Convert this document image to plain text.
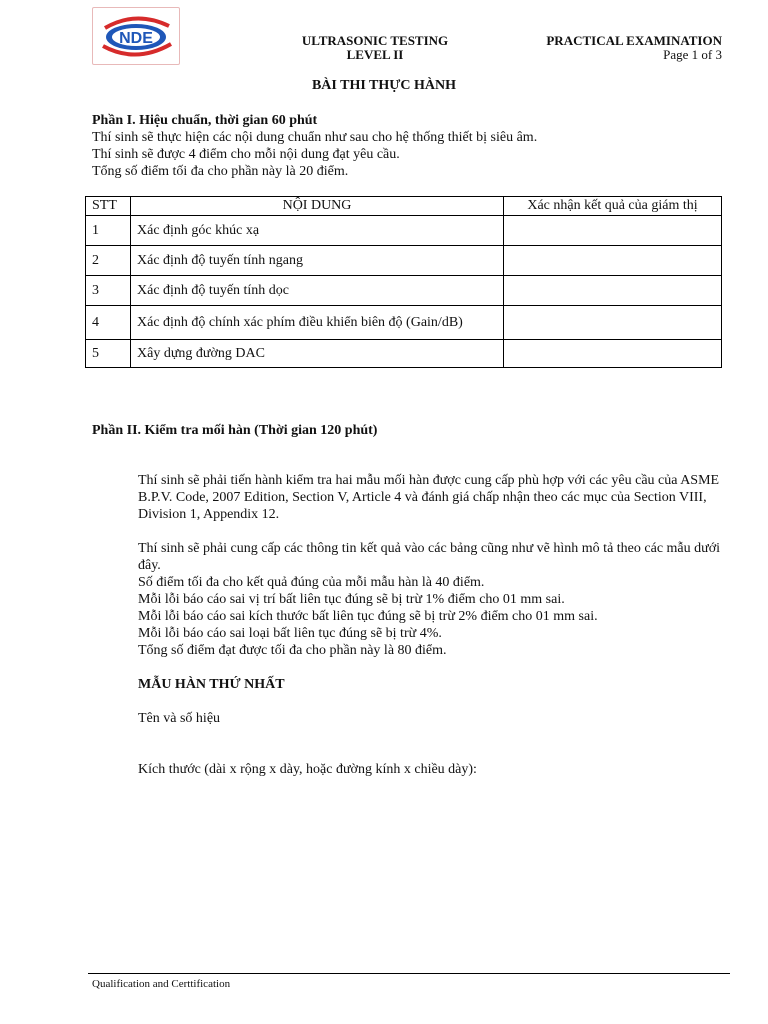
NDE	ULTRASONIC TESTING
LEVEL II
PRACTICAL EXAMINATION
Page 1 of 3
BÀI THI THỰC HÀNH
Phần I. Hiệu chuẩn, thời gian 60 phút
Thí sinh sẽ thực hiện các nội dung chuẩn như sau cho hệ thống thiết bị siêu âm.
Thí sinh sẽ được 4 điểm cho mỗi nội dung đạt yêu cầu.
Tổng số điểm tối đa cho phần này là 20 điểm.
STT	NỘI DUNG	Xác nhận kết quả của giám thị
1	Xác định góc khúc xạ	
2	Xác định độ tuyến tính ngang	
3	Xác định độ tuyến tính dọc	
4	Xác định độ chính xác phím điều khiển biên độ (Gain/dB)	
5	Xây dựng đường DAC	
Phần II. Kiểm tra mối hàn (Thời gian 120 phút)

Thí sinh sẽ phải tiến hành kiểm tra hai mẫu mối hàn được cung cấp phù hợp với các yêu cầu của ASME B.P.V. Code, 2007 Edition, Section V, Article 4 và đánh giá chấp nhận theo các mục của Section VIII, Division 1, Appendix 12.

Thí sinh sẽ phải cung cấp các thông tin kết quả vào các bảng cũng như vẽ hình mô tả theo các mẫu dưới đây.

Số điểm tối đa cho kết quả đúng của mỗi mẫu hàn là 40 điểm.

Mỗi lỗi báo cáo sai vị trí bất liên tục đúng sẽ bị trừ 1% điểm cho 01 mm sai.

Mỗi lỗi báo cáo sai kích thước bất liên tục đúng sẽ bị trừ 2% điểm cho 01 mm sai.

Mỗi lỗi báo cáo sai loại bất liên tục đúng sẽ bị trừ 4%.

Tổng số điểm đạt được tối đa cho phần này là 80 điểm.

MẪU HÀN THỨ NHẤT

Tên và số hiệu

Kích thước (dài x rộng x dày, hoặc đường kính x chiều dày):

Qualification and Certtification
